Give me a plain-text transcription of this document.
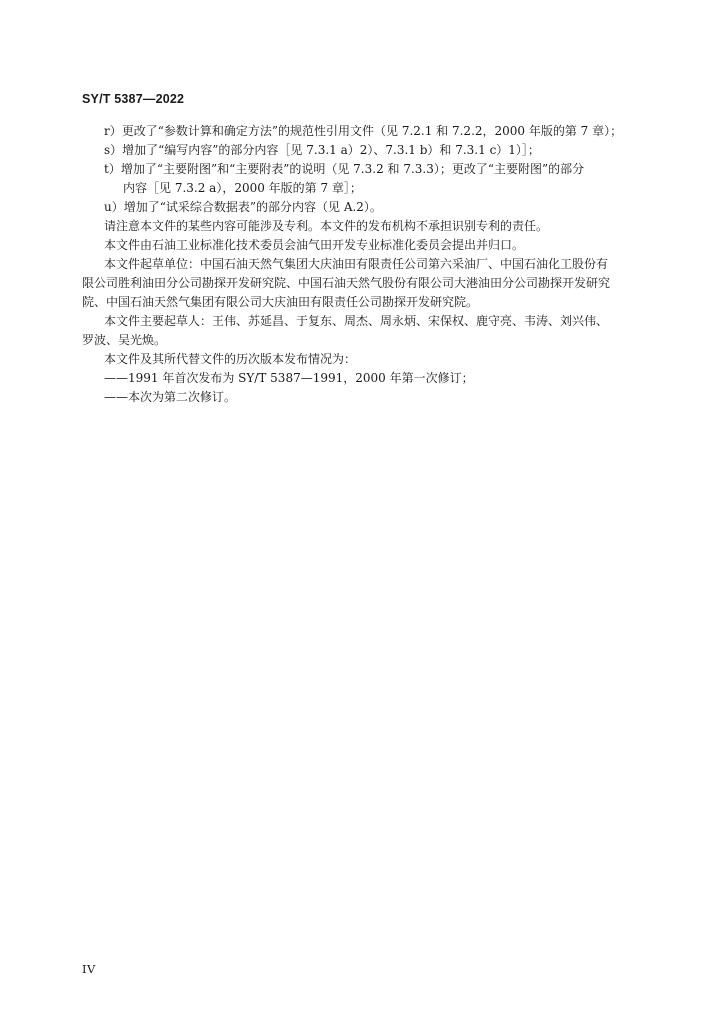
SY/T 5387—2022
r）更改了“参数计算和确定方法”的规范性引用文件（见 7.2.1 和 7.2.2，2000 年版的第 7 章）；
s）增加了“编写内容”的部分内容［见 7.3.1 a）2）、7.3.1 b）和 7.3.1 c）1）］；
t）增加了“主要附图”和“主要附表”的说明（见 7.3.2 和 7.3.3）；更改了“主要附图”的部分
内容［见 7.3.2 a），2000 年版的第 7 章］；
u）增加了“试采综合数据表”的部分内容（见 A.2）。
请注意本文件的某些内容可能涉及专利。本文件的发布机构不承担识别专利的责任。
本文件由石油工业标准化技术委员会油气田开发专业标准化委员会提出并归口。
本文件起草单位：中国石油天然气集团大庆油田有限责任公司第六采油厂、中国石油化工股份有
限公司胜利油田分公司勘探开发研究院、中国石油天然气股份有限公司大港油田分公司勘探开发研究
院、中国石油天然气集团有限公司大庆油田有限责任公司勘探开发研究院。
本文件主要起草人：王伟、苏延昌、于复东、周杰、周永炳、宋保权、鹿守亮、韦涛、刘兴伟、
罗波、吴光焕。
本文件及其所代替文件的历次版本发布情况为：
——1991 年首次发布为 SY/T 5387—1991，2000 年第一次修订；
——本次为第二次修订。
IV
